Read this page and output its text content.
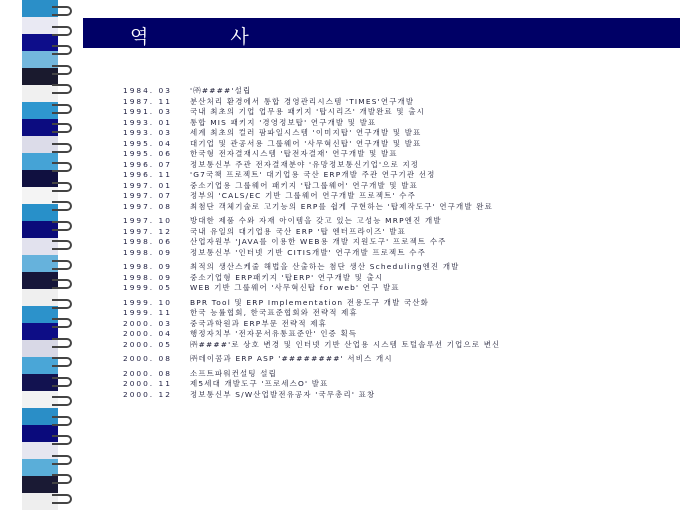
역 사
1984. 03	'㈜####'설립
1987. 11	분산처리 환경에서 통합 경영관리시스템 'TIMES'연구개발
1991. 03	국내 최초의 기업 업무용 패키지 '탑시리즈' 개발완료 및 출시
1993. 01	통합 MIS 패키지 '경영정보탑' 연구개발 및 발표
1993. 03	세계 최초의 컬러 팜파일시스템 '이미지탑' 연구개발 및 발표
1995. 04	대기업 및 관공서용 그룹웨어 '사무혁신탑' 연구개발 및 발표
1995. 06	한국형 전자결재시스템 '탑전자결재' 연구개발 및 발표
1996. 07	정보통신부 주관 전자결재분야 '유망정보통신기업'으로 지정
1996. 11	'G7국책 프로젝트' 대기업용 국산 ERP개발 주관 연구기관 선정
1997. 01	중소기업용 그룹웨어 패키지 '탑그룹웨어' 연구개발 및 발표
1997. 07	정부의 'CALS/EC 기반 그룹웨어 연구개발 프로젝트' 수주
1997. 08	최첨단 객체기술로 고기능의 ERP를 쉽게 구현하는 '탑제작도구' 연구개발 완료
1997. 10	방대한 제품 수와 자재 아이템을 갖고 있는 고성능 MRP엔진 개발
1997. 12	국내 유일의 대기업용 국산 ERP '탑 엔터프라이즈' 발표
1998. 06	산업자원부 'JAVA를 이용한 WEB용 개발 지원도구' 프로젝트 수주
1998. 09	정보통신부 '인터넷 기반 CITIS개발' 연구개발 프로젝트 수주
1998. 09	최적의 생산스케줄 해법을 산출하는 첨단 생산 Scheduling엔진 개발
1998. 09	중소기업형 ERP패키지 '탑ERP' 연구개발 및 출시
1999. 05	WEB 기반 그룹웨어 '사무혁신탑 for web' 연구 발표
1999. 10	BPR Tool 및 ERP Implementation 전용도구 개발 국산화
1999. 11	한국 능률협회, 한국표준협회와 전략적 제휴
2000. 03	중국과학원과 ERP부문 전략적 제휴
2000. 04	행정자치부 '전자문서유통표준안' 인증 획득
2000. 05	㈜####'로 상호 변경 및 인터넷 기반 산업용 시스템 토털솔루션 기업으로 변신
2000. 08	㈜데이콤과 ERP ASP '########' 서비스 개시
2000. 08	소프트파워컨설팅 설립
2000. 11	제5세대 개발도구 '프로세스O' 발표
2000. 12	정보통신부 S/W산업발전유공자 '국무총리' 표창
